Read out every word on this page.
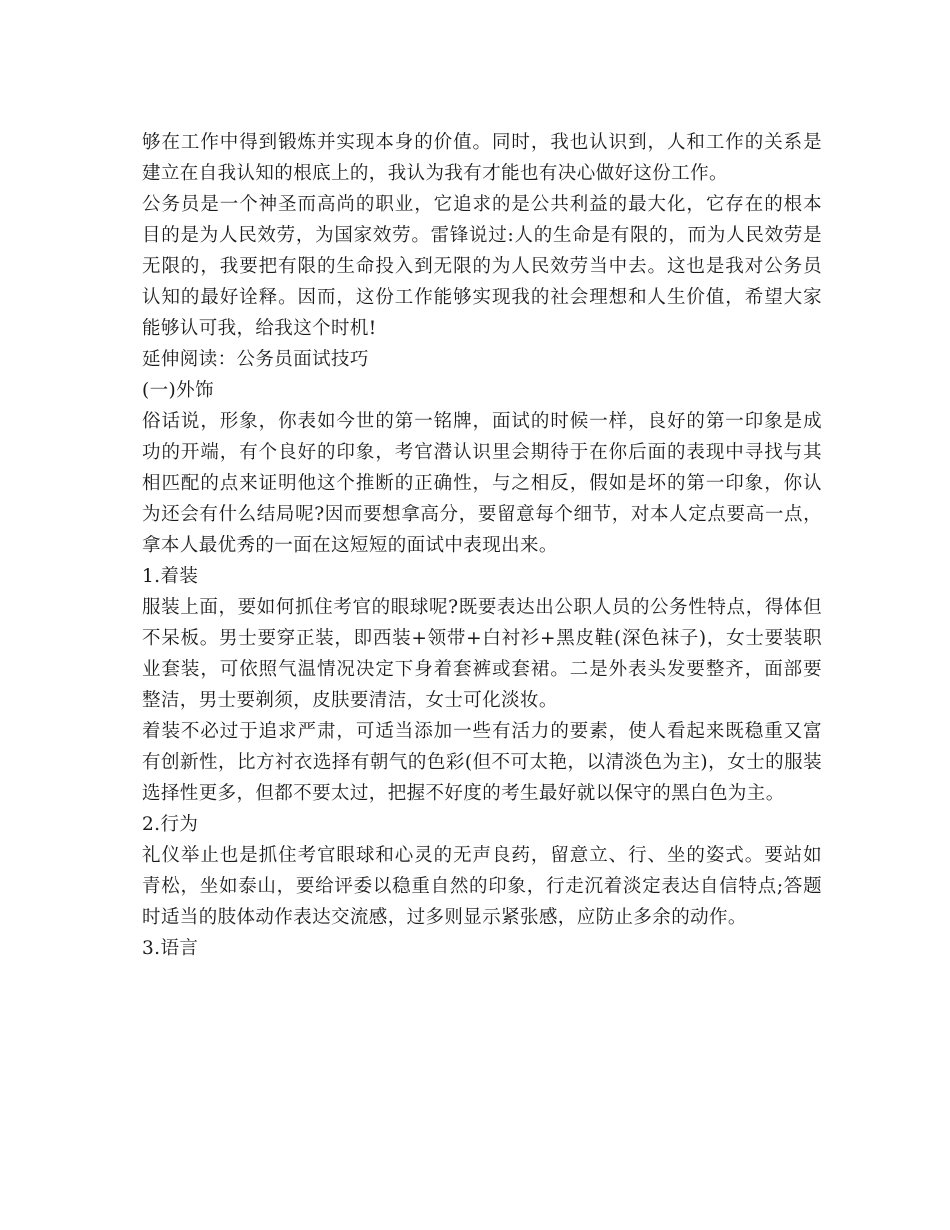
够在工作中得到锻炼并实现本身的价值。同时，我也认识到，人和工作的关系是建立在自我认知的根底上的，我认为我有才能也有决心做好这份工作。

公务员是一个神圣而高尚的职业，它追求的是公共利益的最大化，它存在的根本目的是为人民效劳，为国家效劳。雷锋说过:人的生命是有限的，而为人民效劳是无限的，我要把有限的生命投入到无限的为人民效劳当中去。这也是我对公务员认知的最好诠释。因而，这份工作能够实现我的社会理想和人生价值，希望大家能够认可我，给我这个时机!

延伸阅读：公务员面试技巧

(一)外饰

俗话说，形象，你表如今世的第一铭牌，面试的时候一样，良好的第一印象是成功的开端，有个良好的印象，考官潜认识里会期待于在你后面的表现中寻找与其相匹配的点来证明他这个推断的正确性，与之相反，假如是坏的第一印象，你认为还会有什么结局呢?因而要想拿高分，要留意每个细节，对本人定点要高一点，拿本人最优秀的一面在这短短的面试中表现出来。

1.着装

服装上面，要如何抓住考官的眼球呢?既要表达出公职人员的公务性特点，得体但不呆板。男士要穿正装，即西装+领带+白衬衫+黑皮鞋(深色袜子)，女士要装职业套装，可依照气温情况决定下身着套裤或套裙。二是外表头发要整齐，面部要整洁，男士要剃须，皮肤要清洁，女士可化淡妆。

着装不必过于追求严肃，可适当添加一些有活力的要素，使人看起来既稳重又富有创新性，比方衬衣选择有朝气的色彩(但不可太艳，以清淡色为主)，女士的服装选择性更多，但都不要太过，把握不好度的考生最好就以保守的黑白色为主。

2.行为

礼仪举止也是抓住考官眼球和心灵的无声良药，留意立、行、坐的姿式。要站如青松，坐如泰山，要给评委以稳重自然的印象，行走沉着淡定表达自信特点;答题时适当的肢体动作表达交流感，过多则显示紧张感，应防止多余的动作。

3.语言
